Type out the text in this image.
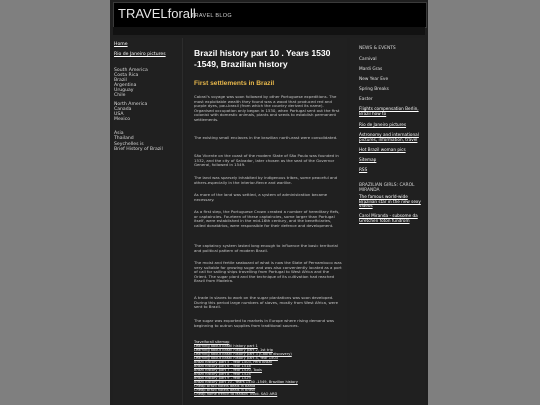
TRAVELforall
TRAVEL BLOG
Home
Rio de Janeiro pictures
South America
Costa Rica
Brazil
Argentina
Uruguay
Chile
North America
Canada
USA
Mexico
Asia
Thailand
Seychelles is
Brief History of Brazil
Brazil history part 10 . Years 1530 -1549, Brazilian history
First settlements in Brazil

Cabral's voyage was soon followed by other Portuguese expeditions. The most exploitable wealth they found was a wood that produced red and purple dyes, pau-brasil (from which the country derived its name). Organised occupation only began in 1530, when Portugal sent out the first colonist with domestic animals, plants and seeds to establish permanent settlements.

The existing small enclaves in the brazilian north-east were consolidated.

São Vicente on the coast of the modern State of São Paulo was founded in 1532, and the city of Salvador, later chosen as the seat of the Governor General, followed in 1549.

The land was sparsely inhabited by indigenous tribes, some peaceful and others-especially in the interior-fierce and warlike.

As more of the land was settled, a system of administration became necessary.

As a first step, the Portuguese Crown created a number of hereditary fiefs, or captaincies. Fourteen of these captaincies, some larger than Portugal itself, were established in the mid-16th century, and the beneficiaries, called donatários, were responsible for their defence and development.

The captaincy system lasted long enough to influence the basic territorial and political pattern of modern Brazil.

The moist and fertile seaboard of what is now the State of Pernambuco was very suitable for growing sugar and was also conveniently located as a port of call for sailing ships travelling from Portugal to West Africa and the Orient. The sugar plant and the technique of its cultivation had reached Brazil from Madeira.

A trade in slaves to work on the sugar plantations was soon developed. During this period large numbers of slaves, mostly from West Africa, were sent to Brazil.

The sugar was exported to markets in Europe where rising demand was beginning to outrun supplies from traditional sources.

Travelforall sitemap
Learning about Brazil history part 1
Learning about Brazil history part 2, 1st trip
Learning about Brazil history part 3 (Cabral discovery)
Learning about Brazil history part 4, Year 1503
Brazil history part 5 . Year 1503, Pero Brazil
Brazil history part 6 . Year 1518
Brazil history part 7 . Year 1520, Tools
Brazil history part 8 . Year 1524
Brazil history part 9 . Year 1529
Brazil history part 10 . Years 1530 -1549, Brazilian history
Cheap Brazil hotels deals in Bahia
Cheap Brazil hotels deals in Brasil
Cheap Rome french to Maison Tivoli. SAO ARD
NEWS & EVENTS
Carnival
Mardi Gras
New Year Eve
Spring Breaks
Easter
Flights compensation Berlin, Brazil how to
Rio de Janeiro pictures
Astronomy and international pictures, information, travel
Hot Brazil woman pics
Sitemap
RSS
BRAZILIAN GIRLS: CAROL MIRANDA
The famous world-wide Brazilian star in the new sexy videos
Carol Miranda - subsome da Gretchen foton fundrom
